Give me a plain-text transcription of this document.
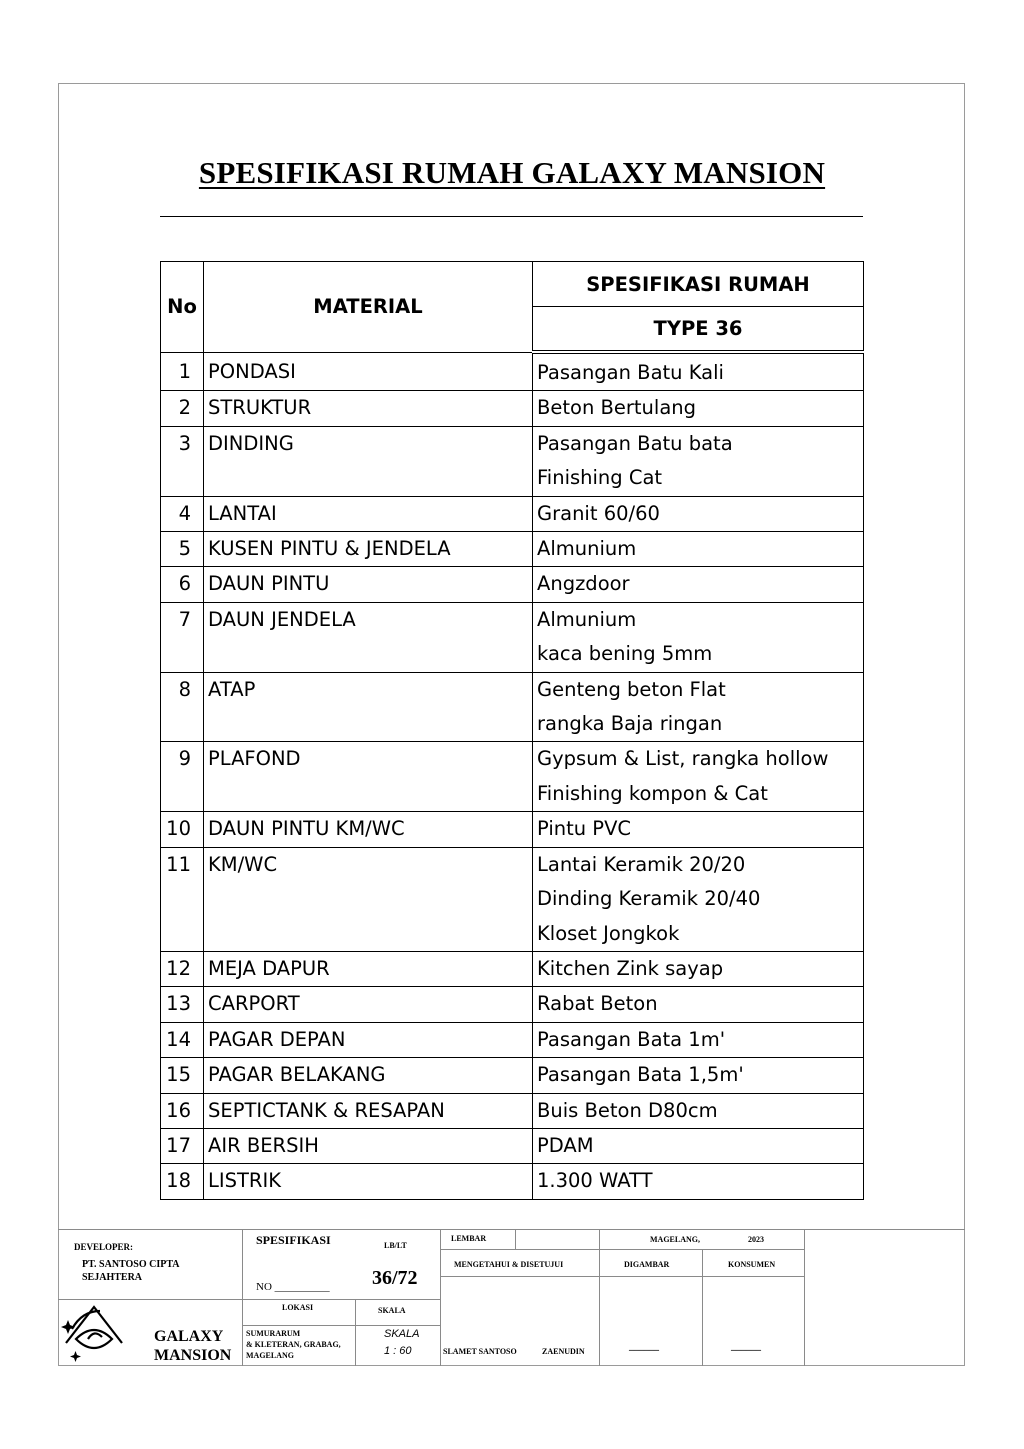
SPESIFIKASI RUMAH GALAXY MANSION
No	MATERIAL	SPESIFIKASI RUMAH
		TYPE 36
1	PONDASI	Pasangan Batu Kali
2	STRUKTUR	Beton Bertulang
3	DINDING	Pasangan Batu bata
		Finishing Cat
4	LANTAI	Granit 60/60
5	KUSEN PINTU & JENDELA	Almunium
6	DAUN PINTU	Angzdoor
7	DAUN JENDELA	Almunium
		kaca bening 5mm
8	ATAP	Genteng beton Flat
		rangka Baja ringan
9	PLAFOND	Gypsum & List, rangka hollow
		Finishing kompon & Cat
10	DAUN PINTU KM/WC	Pintu PVC
11	KM/WC	Lantai Keramik 20/20
		Dinding Keramik 20/40
		Kloset Jongkok
12	MEJA DAPUR	Kitchen Zink sayap
13	CARPORT	Rabat Beton
14	PAGAR DEPAN	Pasangan Bata 1m'
15	PAGAR BELAKANG	Pasangan Bata 1,5m'
16	SEPTICTANK & RESAPAN	Buis Beton D80cm
17	AIR BERSIH	PDAM
18	LISTRIK	1.300 WATT
DEVELOPER:
PT. SANTOSO CIPTA
SEJAHTERA
GALAXY
MANSION
SPESIFIKASI	LB/LT
NO __________ 36/72
LOKASI	SKALA
SUMURARUM
& KLETERAN, GRABAG,
MAGELANG
SKALA
1 : 60
LEMBAR	MAGELANG,	2023
MENGETAHUI & DISETUJUI	DIGAMBAR	KONSUMEN
SLAMET SANTOSO	ZAENUDIN	______	______
